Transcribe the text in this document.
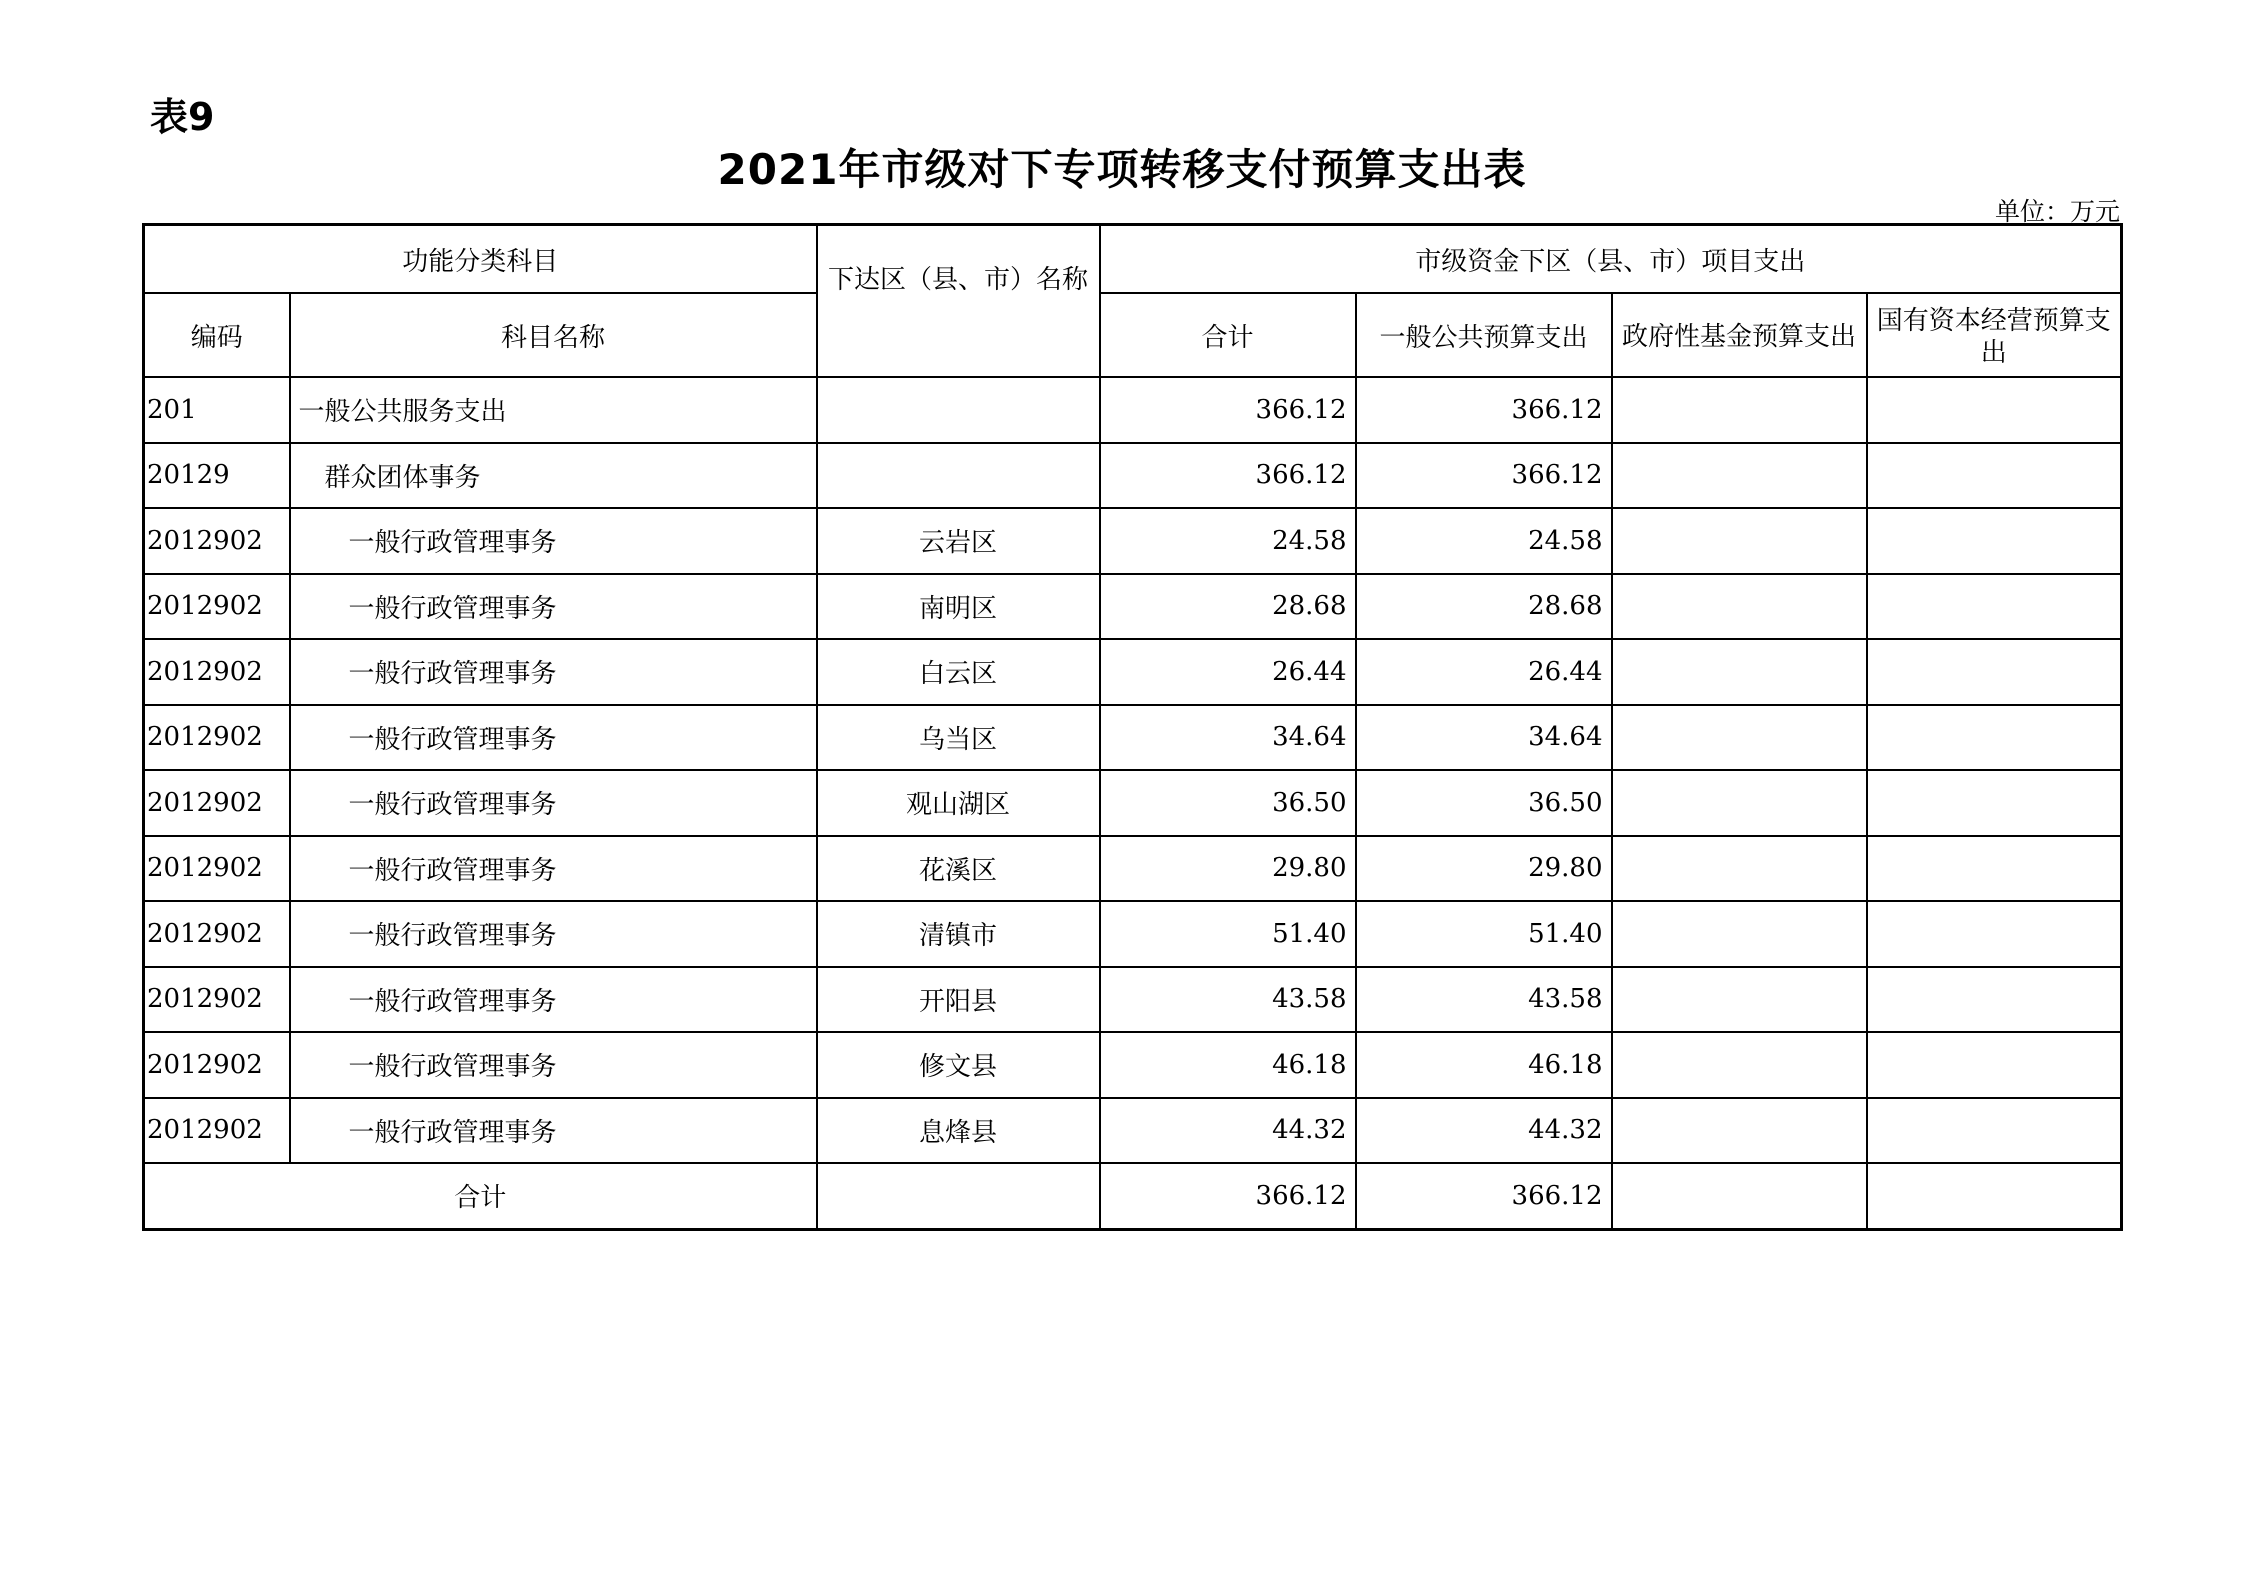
表9
2021年市级对下专项转移支付预算支出表
单位：万元
功能分类科目		下达区（县、市）名称	市级资金下区（县、市）项目支出			
编码	科目名称		合计	一般公共预算支出	政府性基金预算支出	国有资本经营预算支出
201	一般公共服务支出		366.12	366.12		
20129	群众团体事务		366.12	366.12		
2012902	一般行政管理事务	云岩区	24.58	24.58		
2012902	一般行政管理事务	南明区	28.68	28.68		
2012902	一般行政管理事务	白云区	26.44	26.44		
2012902	一般行政管理事务	乌当区	34.64	34.64		
2012902	一般行政管理事务	观山湖区	36.50	36.50		
2012902	一般行政管理事务	花溪区	29.80	29.80		
2012902	一般行政管理事务	清镇市	51.40	51.40		
2012902	一般行政管理事务	开阳县	43.58	43.58		
2012902	一般行政管理事务	修文县	46.18	46.18		
2012902	一般行政管理事务	息烽县	44.32	44.32		
合计			366.12	366.12		
